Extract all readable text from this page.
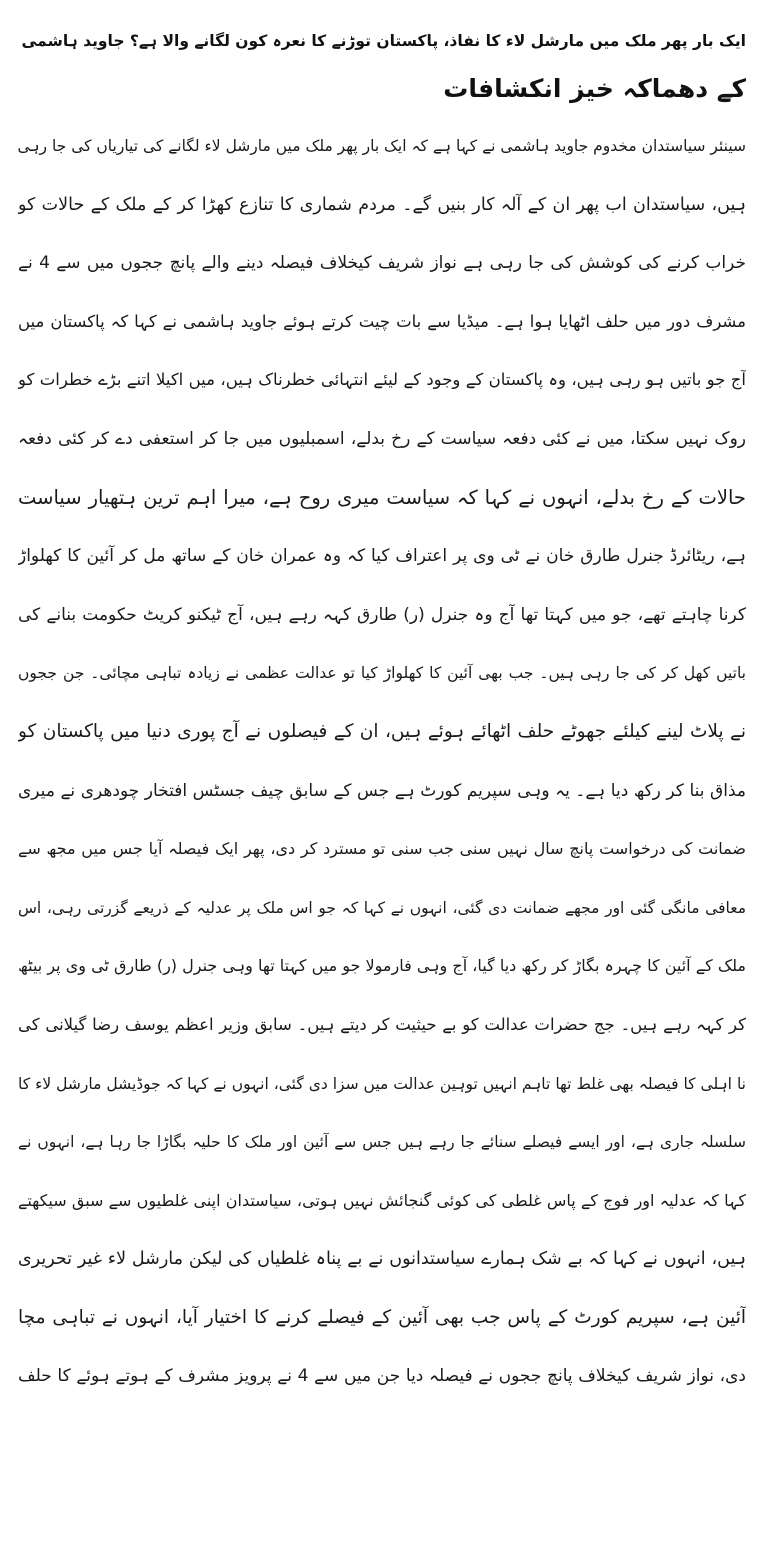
ایک بار پھر ملک میں مارشل لاء کا نفاذ، پاکستان توڑنے کا نعرہ کون لگانے والا ہے؟ جاوید ہاشمی
کے دھماکہ خیز انکشافات
سینئر سیاستدان مخدوم جاوید ہاشمی نے کہا ہے کہ ایک بار پھر ملک میں مارشل لاء لگانے کی تیاریاں کی جا رہی
ہیں، سیاستدان اب پھر ان کے آلہ کار بنیں گے۔ مردم شماری کا تنازع کھڑا کر کے ملک کے حالات کو
خراب کرنے کی کوشش کی جا رہی ہے نواز شریف کیخلاف فیصلہ دینے والے پانچ ججوں میں سے 4 نے
مشرف دور میں حلف اٹھایا ہوا ہے۔ میڈیا سے بات چیت کرتے ہوئے جاوید ہاشمی نے کہا کہ پاکستان میں
آج جو باتیں ہو رہی ہیں، وہ پاکستان کے وجود کے لیئے انتہائی خطرناک ہیں، میں اکیلا اتنے بڑے خطرات کو
روک نہیں سکتا، میں نے کئی دفعہ سیاست کے رخ بدلے، اسمبلیوں میں جا کر استعفی دے کر کئی دفعہ
حالات کے رخ بدلے، انہوں نے کہا کہ سیاست میری روح ہے، میرا اہم ترین ہتھیار سیاست
ہے، ریٹائرڈ جنرل طارق خان نے ٹی وی پر اعتراف کیا کہ وہ عمران خان کے ساتھ مل کر آئین کا کھلواڑ
کرنا چاہتے تھے، جو میں کہتا تھا آج وہ جنرل (ر) طارق کہہ رہے ہیں، آج ٹیکنو کریٹ حکومت بنانے کی
باتیں کھل کر کی جا رہی ہیں۔ جب بھی آئین کا کھلواڑ کیا تو عدالت عظمی نے زیادہ تباہی مچائی۔ جن ججوں
نے پلاٹ لینے کیلئے جھوٹے حلف اٹھائے ہوئے ہیں، ان کے فیصلوں نے آج پوری دنیا میں پاکستان کو
مذاق بنا کر رکھ دیا ہے۔ یہ وہی سپریم کورٹ ہے جس کے سابق چیف جسٹس افتخار چودھری نے میری
ضمانت کی درخواست پانچ سال نہیں سنی جب سنی تو مسترد کر دی، پھر ایک فیصلہ آیا جس میں مجھ سے
معافی مانگی گئی اور مجھے ضمانت دی گئی، انہوں نے کہا کہ جو اس ملک پر عدلیہ کے ذریعے گزرتی رہی، اس
ملک کے آئین کا چہرہ بگاڑ کر رکھ دیا گیا، آج وہی فارمولا جو میں کہتا تھا وہی جنرل (ر) طارق ٹی وی پر بیٹھ
کر کہہ رہے ہیں۔ جج حضرات عدالت کو بے حیثیت کر دیتے ہیں۔ سابق وزیر اعظم یوسف رضا گیلانی کی
نا اہلی کا فیصلہ بھی غلط تھا تاہم انہیں توہین عدالت میں سزا دی گئی، انہوں نے کہا کہ جوڈیشل مارشل لاء کا
سلسلہ جاری ہے، اور ایسے فیصلے سنائے جا رہے ہیں جس سے آئین اور ملک کا حلیہ بگاڑا جا رہا ہے، انہوں نے
کہا کہ عدلیہ اور فوج کے پاس غلطی کی کوئی گنجائش نہیں ہوتی، سیاستدان اپنی غلطیوں سے سبق سیکھتے
ہیں، انہوں نے کہا کہ بے شک ہمارے سیاستدانوں نے بے پناہ غلطیاں کی لیکن مارشل لاء غیر تحریری
آئین ہے، سپریم کورٹ کے پاس جب بھی آئین کے فیصلے کرنے کا اختیار آیا، انہوں نے تباہی مچا
دی، نواز شریف کیخلاف پانچ ججوں نے فیصلہ دیا جن میں سے 4 نے پرویز مشرف کے ہوتے ہوئے کا حلف
